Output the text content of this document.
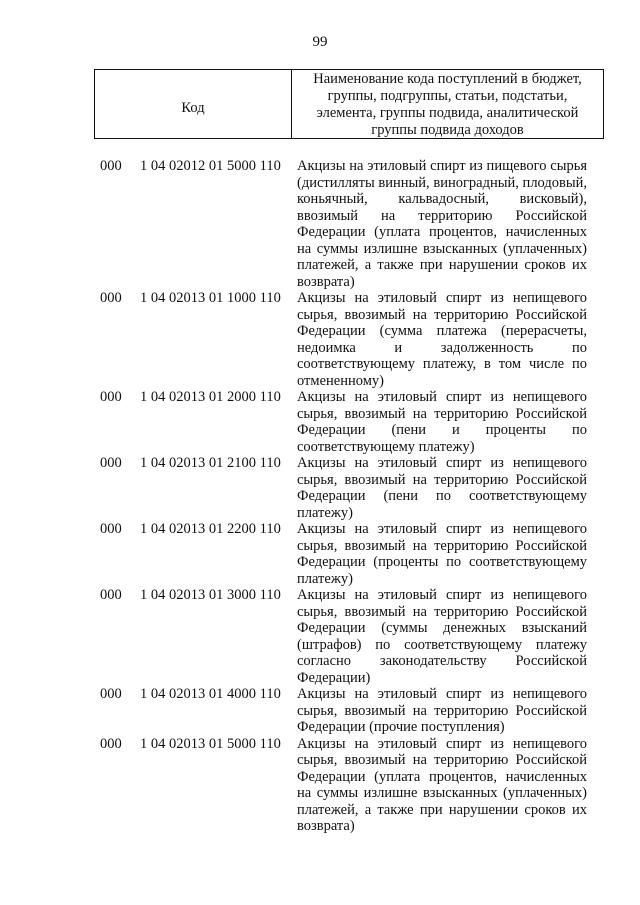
99
Код
Наименование кода поступлений в бюджет,
группы, подгруппы, статьи, подстатьи,
элемента, группы подвида, аналитической
группы подвида доходов
000 1 04 02012 01 5000 110 Акцизы на этиловый спирт из пищевого сырья
(дистилляты винный, виноградный, плодовый,
коньячный, кальвадосный, висковый),
ввозимый на территорию Российской
Федерации (уплата процентов, начисленных
на суммы излишне взысканных (уплаченных)
платежей, а также при нарушении сроков их
возврата)
000 1 04 02013 01 1000 110 Акцизы на этиловый спирт из непищевого
сырья, ввозимый на территорию Российской
Федерации (сумма платежа (перерасчеты,
недоимка и задолженность по
соответствующему платежу, в том числе по
отмененному)
000 1 04 02013 01 2000 110 Акцизы на этиловый спирт из непищевого
сырья, ввозимый на территорию Российской
Федерации (пени и проценты по
соответствующему платежу)
000 1 04 02013 01 2100 110 Акцизы на этиловый спирт из непищевого
сырья, ввозимый на территорию Российской
Федерации (пени по соответствующему
платежу)
000 1 04 02013 01 2200 110 Акцизы на этиловый спирт из непищевого
сырья, ввозимый на территорию Российской
Федерации (проценты по соответствующему
платежу)
000 1 04 02013 01 3000 110 Акцизы на этиловый спирт из непищевого
сырья, ввозимый на территорию Российской
Федерации (суммы денежных взысканий
(штрафов) по соответствующему платежу
согласно законодательству Российской
Федерации)
000 1 04 02013 01 4000 110 Акцизы на этиловый спирт из непищевого
сырья, ввозимый на территорию Российской
Федерации (прочие поступления)
000 1 04 02013 01 5000 110 Акцизы на этиловый спирт из непищевого
сырья, ввозимый на территорию Российской
Федерации (уплата процентов, начисленных
на суммы излишне взысканных (уплаченных)
платежей, а также при нарушении сроков их
возврата)
